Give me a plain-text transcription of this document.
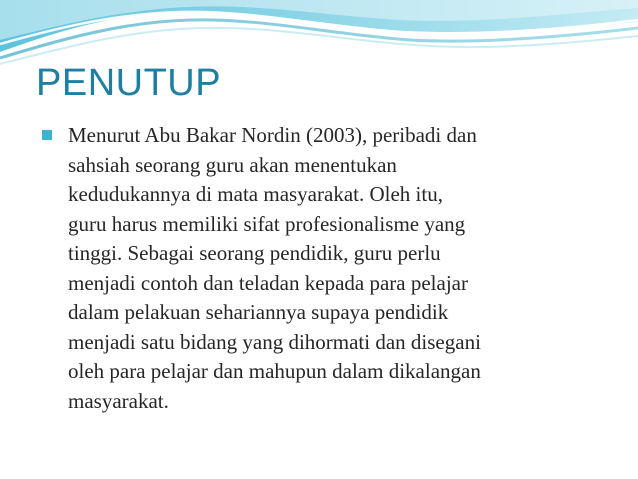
PENUTUP
Menurut Abu Bakar Nordin (2003), peribadi dan
sahsiah seorang guru akan menentukan
kedudukannya di mata masyarakat. Oleh itu,
guru harus memiliki sifat profesionalisme yang
tinggi. Sebagai seorang pendidik, guru perlu
menjadi contoh dan teladan kepada para pelajar
dalam pelakuan sehariannya supaya pendidik
menjadi satu bidang yang dihormati dan disegani
oleh para pelajar dan mahupun dalam dikalangan
masyarakat.
